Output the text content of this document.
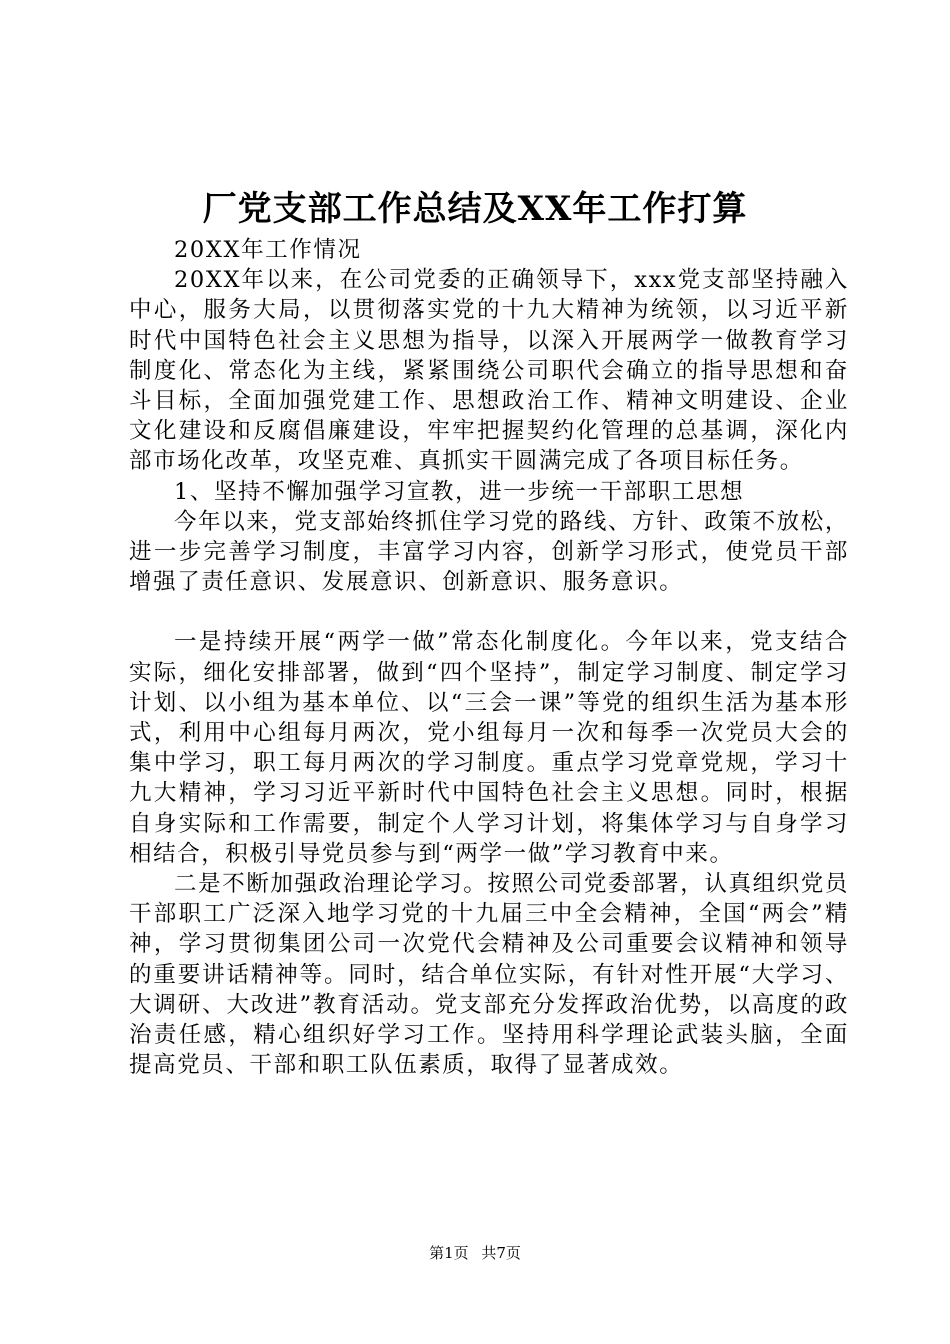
厂党支部工作总结及XX年工作打算

20XX年工作情况

20XX年以来，在公司党委的正确领导下，xxx党支部坚持融入中心，服务大局，以贯彻落实党的十九大精神为统领，以习近平新时代中国特色社会主义思想为指导，以深入开展两学一做教育学习制度化、常态化为主线，紧紧围绕公司职代会确立的指导思想和奋斗目标，全面加强党建工作、思想政治工作、精神文明建设、企业文化建设和反腐倡廉建设，牢牢把握契约化管理的总基调，深化内部市场化改革，攻坚克难、真抓实干圆满完成了各项目标任务。

1、坚持不懈加强学习宣教，进一步统一干部职工思想

今年以来，党支部始终抓住学习党的路线、方针、政策不放松，进一步完善学习制度，丰富学习内容，创新学习形式，使党员干部增强了责任意识、发展意识、创新意识、服务意识。

一是持续开展“两学一做”常态化制度化。今年以来，党支结合实际，细化安排部署，做到“四个坚持”，制定学习制度、制定学习计划、以小组为基本单位、以“三会一课”等党的组织生活为基本形式，利用中心组每月两次，党小组每月一次和每季一次党员大会的集中学习，职工每月两次的学习制度。重点学习党章党规，学习十九大精神，学习习近平新时代中国特色社会主义思想。同时，根据自身实际和工作需要，制定个人学习计划，将集体学习与自身学习相结合，积极引导党员参与到“两学一做”学习教育中来。

二是不断加强政治理论学习。按照公司党委部署，认真组织党员干部职工广泛深入地学习党的十九届三中全会精神，全国“两会”精神，学习贯彻集团公司一次党代会精神及公司重要会议精神和领导的重要讲话精神等。同时，结合单位实际，有针对性开展“大学习、大调研、大改进”教育活动。党支部充分发挥政治优势，以高度的政治责任感，精心组织好学习工作。坚持用科学理论武装头脑，全面提高党员、干部和职工队伍素质，取得了显著成效。

第1页 共7页
